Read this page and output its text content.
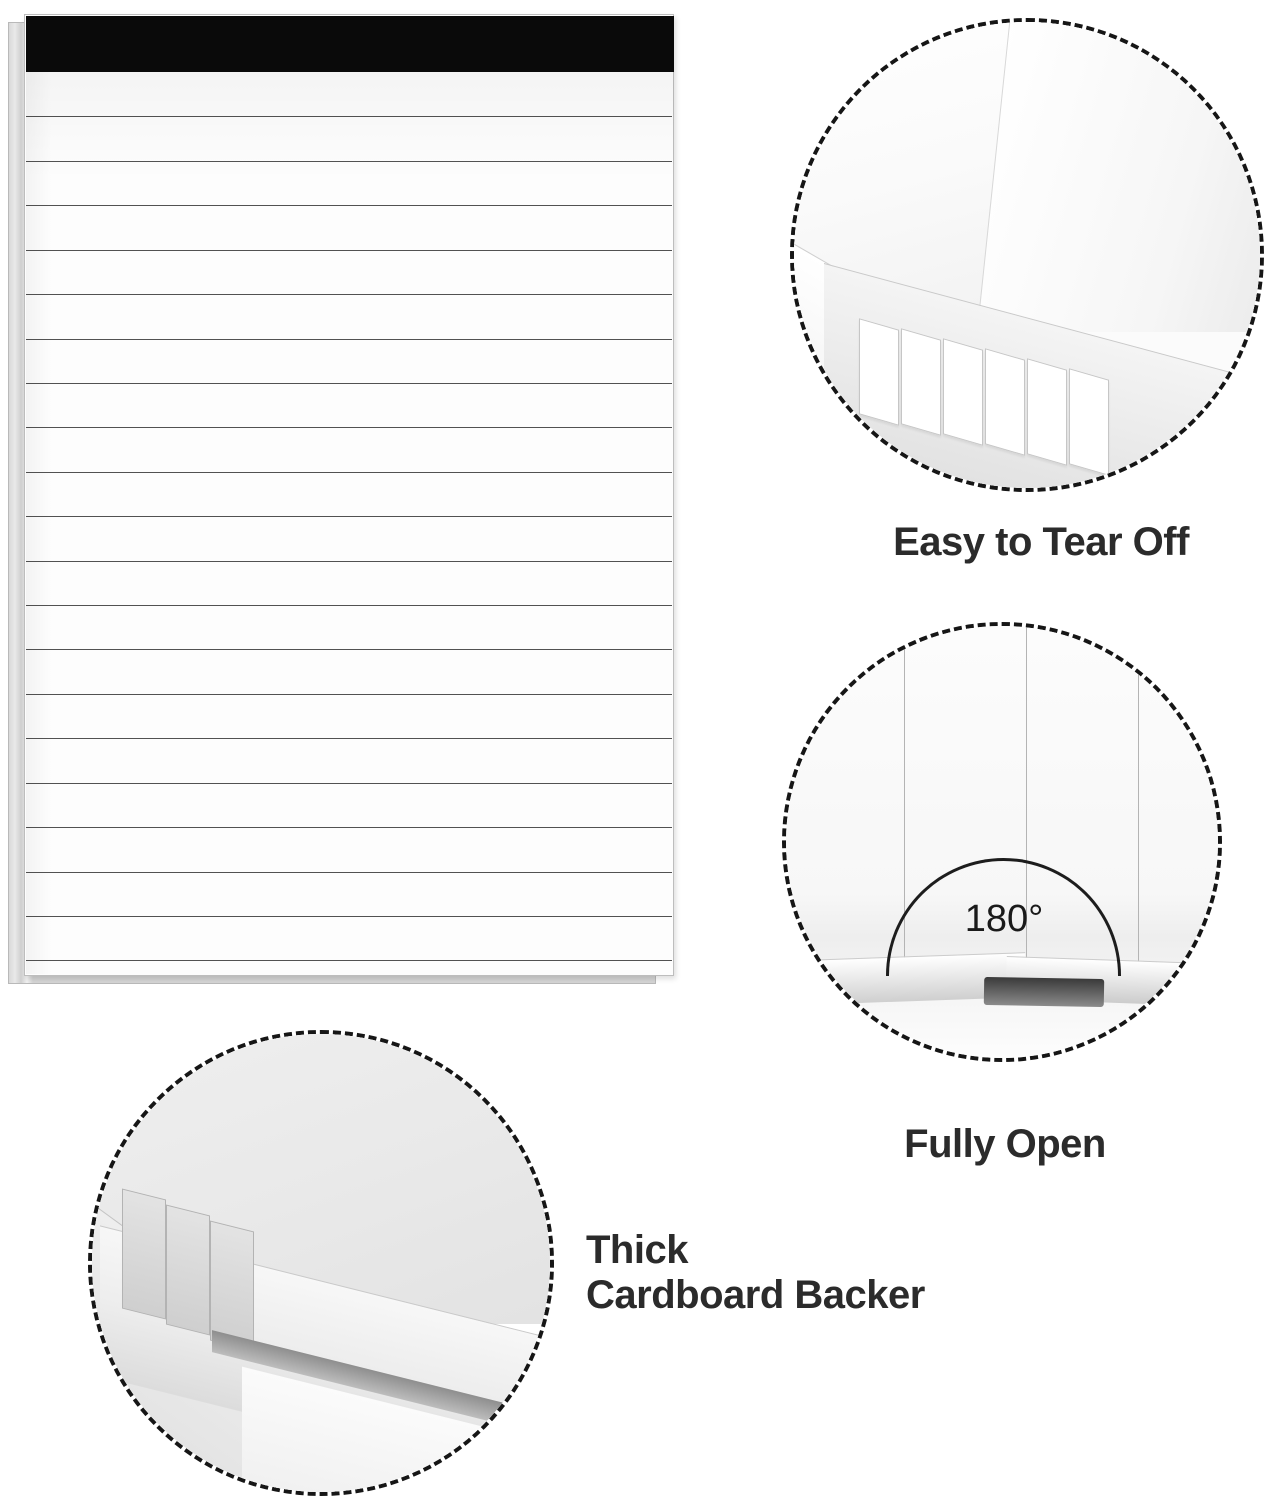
Easy to Tear Off
180°
Fully Open
Thick
Cardboard Backer
